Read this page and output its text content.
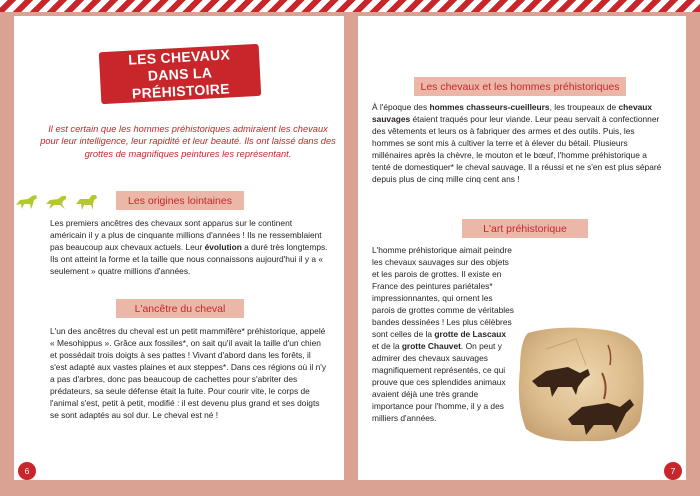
LES CHEVAUX
DANS LA PRÉHISTOIRE
Il est certain que les hommes préhistoriques admiraient les chevaux pour leur intelligence, leur rapidité et leur beauté. Ils ont laissé dans des grottes de magnifiques peintures les représentant.
Les origines lointaines
Les premiers ancêtres des chevaux sont apparus sur le continent américain il y a plus de cinquante millions d'années ! Ils ne ressemblaient pas beaucoup aux chevaux actuels. Leur évolution a duré très longtemps. Ils ont atteint la forme et la taille que nous connaissons aujourd'hui il y a « seulement » quatre millions d'années.
L'ancêtre du cheval
L'un des ancêtres du cheval est un petit mammifère* préhistorique, appelé « Mesohippus ». Grâce aux fossiles*, on sait qu'il avait la taille d'un chien et possédait trois doigts à ses pattes ! Vivant d'abord dans les forêts, il s'est adapté aux vastes plaines et aux steppes*. Dans ces régions où il n'y a pas d'arbres, donc pas beaucoup de cachettes pour s'abriter des prédateurs, sa seule défense était la fuite. Pour courir vite, le corps de l'animal s'est, petit à petit, modifié : il est devenu plus grand et ses doigts se sont adaptés au sol dur. Le cheval est né !
6
Les chevaux et les hommes préhistoriques
À l'époque des hommes chasseurs-cueilleurs, les troupeaux de chevaux sauvages étaient traqués pour leur viande. Leur peau servait à confectionner des vêtements et leurs os à fabriquer des armes et des outils. Puis, les hommes se sont mis à cultiver la terre et à élever du bétail. Plusieurs millénaires après la chèvre, le mouton et le bœuf, l'homme préhistorique a tenté de domestiquer* le cheval sauvage. Il a réussi et ne s'en est plus séparé depuis plus de cinq mille cinq cent ans !
L'art préhistorique
L'homme préhistorique aimait peindre les chevaux sauvages sur des objets et les parois de grottes. Il existe en France des peintures pariétales* impressionnantes, qui ornent les parois de grottes comme de véritables bandes dessinées ! Les plus célèbres sont celles de la grotte de Lascaux et de la grotte Chauvet. On peut y admirer des chevaux sauvages magnifiquement représentés, ce qui prouve que ces splendides animaux avaient déjà une très grande importance pour l'homme, il y a des milliers d'années.
7
